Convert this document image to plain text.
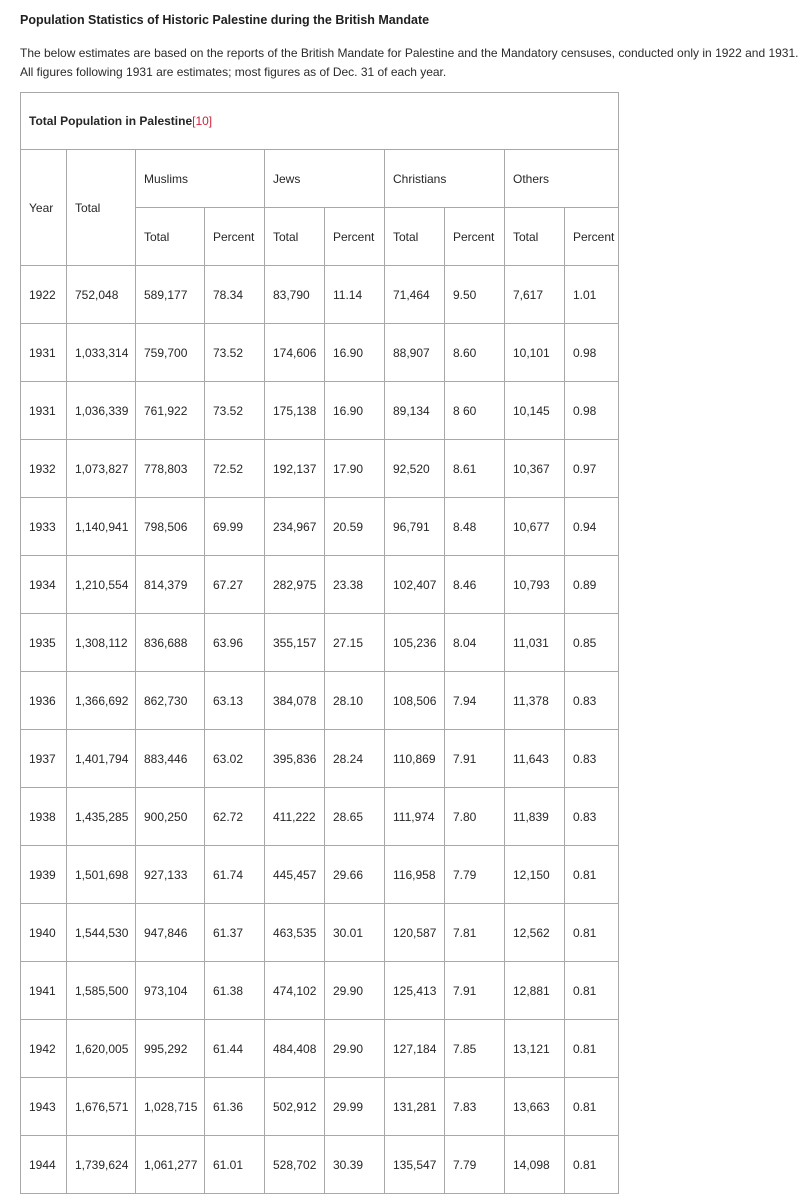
Population Statistics of Historic Palestine during the British Mandate

The below estimates are based on the reports of the British Mandate for Palestine and the Mandatory censuses, conducted only in 1922 and 1931. All figures following 1931 are estimates; most figures as of Dec. 31 of each year.

Total Population in Palestine[10]									
Year	Total	Muslims		Jews		Christians		Others	
		Total	Percent	Total	Percent	Total	Percent	Total	Percent
1922	752,048	589,177	78.34	83,790	11.14	71,464	9.50	7,617	1.01
1931	1,033,314	759,700	73.52	174,606	16.90	88,907	8.60	10,101	0.98
1931	1,036,339	761,922	73.52	175,138	16.90	89,134	8 60	10,145	0.98
1932	1,073,827	778,803	72.52	192,137	17.90	92,520	8.61	10,367	0.97
1933	1,140,941	798,506	69.99	234,967	20.59	96,791	8.48	10,677	0.94
1934	1,210,554	814,379	67.27	282,975	23.38	102,407	8.46	10,793	0.89
1935	1,308,112	836,688	63.96	355,157	27.15	105,236	8.04	11,031	0.85
1936	1,366,692	862,730	63.13	384,078	28.10	108,506	7.94	11,378	0.83
1937	1,401,794	883,446	63.02	395,836	28.24	110,869	7.91	11,643	0.83
1938	1,435,285	900,250	62.72	411,222	28.65	111,974	7.80	11,839	0.83
1939	1,501,698	927,133	61.74	445,457	29.66	116,958	7.79	12,150	0.81
1940	1,544,530	947,846	61.37	463,535	30.01	120,587	7.81	12,562	0.81
1941	1,585,500	973,104	61.38	474,102	29.90	125,413	7.91	12,881	0.81
1942	1,620,005	995,292	61.44	484,408	29.90	127,184	7.85	13,121	0.81
1943	1,676,571	1,028,715	61.36	502,912	29.99	131,281	7.83	13,663	0.81
1944	1,739,624	1,061,277	61.01	528,702	30.39	135,547	7.79	14,098	0.81
